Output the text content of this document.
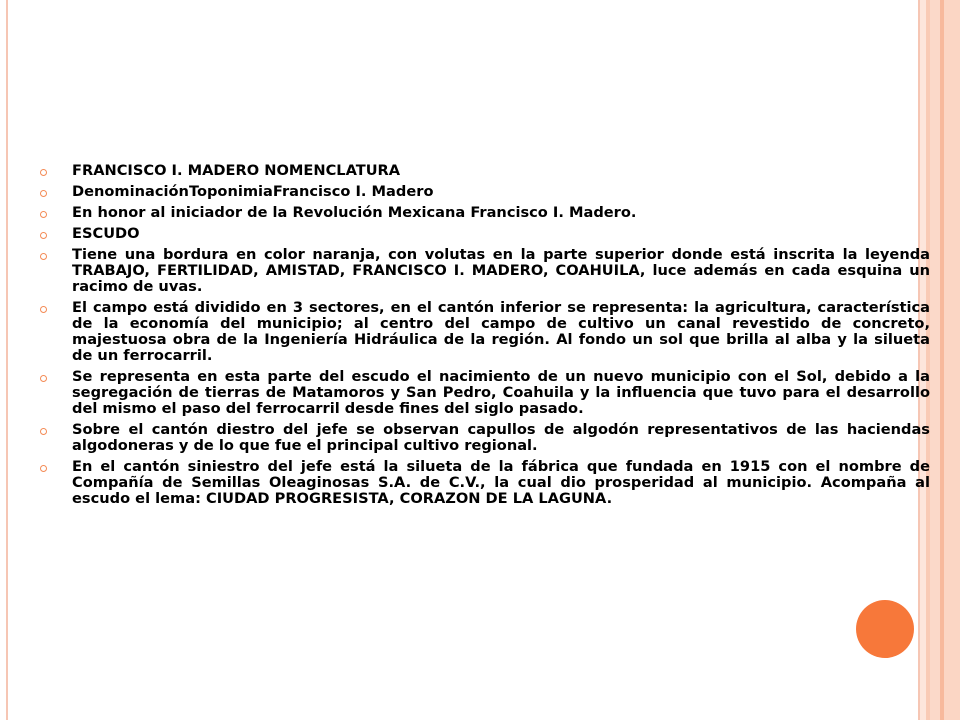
FRANCISCO I. MADERO NOMENCLATURA
DenominaciónToponimiaFrancisco I. Madero
En honor al iniciador de la Revolución Mexicana Francisco I. Madero.
ESCUDO
Tiene una bordura en color naranja, con volutas en la parte superior donde está inscrita la leyenda TRABAJO, FERTILIDAD, AMISTAD, FRANCISCO I. MADERO, COAHUILA, luce además en cada esquina un racimo de uvas.
El campo está dividido en 3 sectores, en el cantón inferior se representa: la agricultura, característica de la economía del municipio; al centro del campo de cultivo un canal revestido de concreto, majestuosa obra de la Ingeniería Hidráulica de la región. Al fondo un sol que brilla al alba y la silueta de un ferrocarril.
Se representa en esta parte del escudo el nacimiento de un nuevo municipio con el Sol, debido a la segregación de tierras de Matamoros y San Pedro, Coahuila y la influencia que tuvo para el desarrollo del mismo el paso del ferrocarril desde fines del siglo pasado.
Sobre el cantón diestro del jefe se observan capullos de algodón representativos de las haciendas algodoneras y de lo que fue el principal cultivo regional.
En el cantón siniestro del jefe está la silueta de la fábrica que fundada en 1915 con el nombre de Compañía de Semillas Oleaginosas S.A. de C.V., la cual dio prosperidad al municipio. Acompaña al escudo el lema: CIUDAD PROGRESISTA, CORAZON DE LA LAGUNA.
